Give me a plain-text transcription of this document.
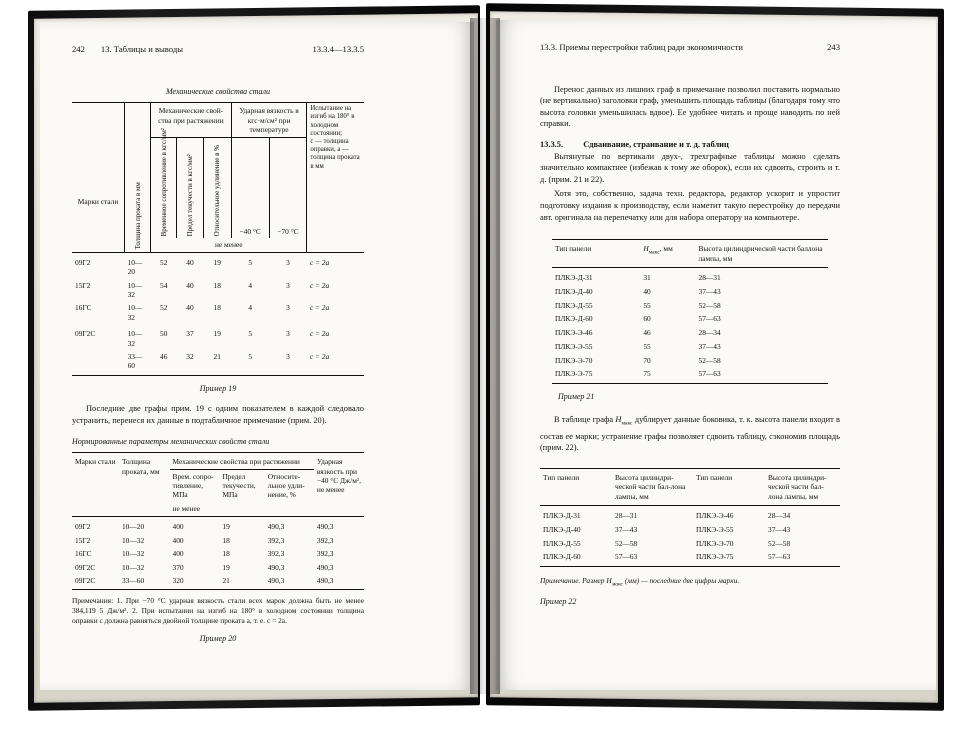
242 13. Таблицы и выводы	13.3.4—13.3.5
Механические свойства стали
Марки стали	Толщина проката в мм	Механические свой-ства при растяжении			Ударная вязкость в кгс·м/см² при температуре		Испытание на изгиб на 180° в холодном состоянии;
с — толщина оправки, а — толщина проката в мм

		Временное сопротивление в кгс/мм²	Предел текучести в кгс/мм²	Относительное удлинение в %	−40 °С	−70 °С	
		не менее					
09Г2	10—20	52	40	19	5	3	с = 2а
15Г2	10—32	54	40	18	4	3	с = 2а
16ГС	10—32	52	40	18	4	3	с = 2а
09Г2С	10—32	50	37	19	5	3	с = 2а
	33—60	46	32	21	5	3	с = 2а
Пример 19

Последние две графы прим. 19 с одним показателем в каждой следовало устранить, перенеся их данные в подтабличное примечание (прим. 20).

Нормированные параметры механических свойств стали
Марки стали	Толщина проката, мм	Механические свойства при растяжении			Ударная вязкость при −40 °С Дж/м², не менее
		Врем. сопро-тивление, МПа	Предел текучести, МПа	Относите-льное удли-нение, %	
		не менее			
09Г2	10—20	400	19	490,3	490,3
15Г2	10—32	400	18	392,3	392,3
16ГС	10—32	400	18	392,3	392,3
09Г2С	10—32	370	19	490,3	490,3
09Г2С	33—60	320	21	490,3	490,3
Примечания: 1. При −70 °С ударная вязкость стали всех марок должна быть не менее 384,119 5 Дж/м². 2. При испытании на изгиб на 180° в холодном состоянии толщина оправки с должна равняться двойной толщине проката а, т. е. с = 2а.
Пример 20
13.3. Приемы перестройки таблиц ради экономичности	243

Перенос данных из лишних граф в примечание позволил поставить нормально (не вертикально) заголовки граф, уменьшить площадь таблицы (благодаря тому что высота головки уменьшилась вдвое). Ее удобнее читать и проще наводить по ней справки.

13.3.5. Сдваивание, страивание и т. д. таблиц

Вытянутые по вертикали двух-, трехграфные таблицы можно сделать значительно компактнее (избежав к тому же оборок), если их сдвоить, строить и т. д. (прим. 21 и 22).

Хотя это, собственно, задача техн. редактора, редактор ускорит и упростит подготовку издания к производству, если наметит такую перестройку до передачи авт. оригинала на перепечатку или для набора оператору на компьютере.

Тип панели	$H_{макс}$, мм	Высота цилиндрической части баллона лампы, мм
ПЛКЭ-Д-31	31	28—31
ПЛКЭ-Д-40	40	37—43
ПЛКЭ-Д-55	55	52—58
ПЛКЭ-Д-60	60	57—63
ПЛКЭ-Э-46	46	28—34
ПЛКЭ-Э-55	55	37—43
ПЛКЭ-Э-70	70	52—58
ПЛКЭ-Э-75	75	57—63
Пример 21

В таблице графа $H_{макс}$ дублирует данные боковика, т. к. высота панели входит в состав ее марки; устранение графы позволяет сдвоить таблицу, сэкономив площадь (прим. 22).

Тип панели	Высота цилиндри-ческой части бал-лона лампы, мм	Тип панели	Высота цилиндри-ческой части бал-лона лампы, мм
ПЛКЭ-Д-31	28—31	ПЛКЭ-Э-46	28—34
ПЛКЭ-Д-40	37—43	ПЛКЭ-Э-55	37—43
ПЛКЭ-Д-55	52—58	ПЛКЭ-Э-70	52—58
ПЛКЭ-Д-60	57—63	ПЛКЭ-Э-75	57—63
Примечание. Размер $H_{макс}$ (мм) — последние две цифры марки.
Пример 22
